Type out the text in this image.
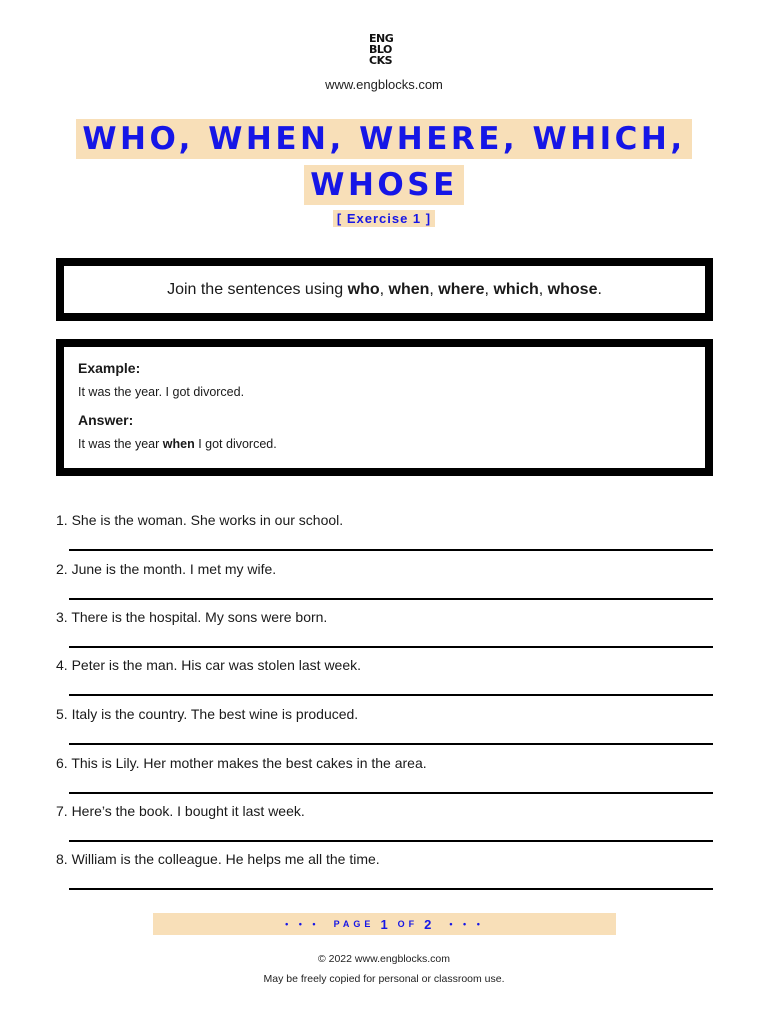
ENG
BLO
CKS
www.engblocks.com
WHO, WHEN, WHERE, WHICH,
WHOSE
[ Exercise 1 ]
Join the sentences using who, when, where, which, whose.
Example:
It was the year. I got divorced.
Answer:
It was the year when I got divorced.
1. She is the woman. She works in our school.
2. June is the month. I met my wife.
3. There is the hospital. My sons were born.
4. Peter is the man. His car was stolen last week.
5. Italy is the country. The best wine is produced.
6. This is Lily. Her mother makes the best cakes in the area.
7. Here’s the book. I bought it last week.
8. William is the colleague. He helps me all the time.
• • • PAGE 1 OF 2 • • •
© 2022 www.engblocks.com
May be freely copied for personal or classroom use.
